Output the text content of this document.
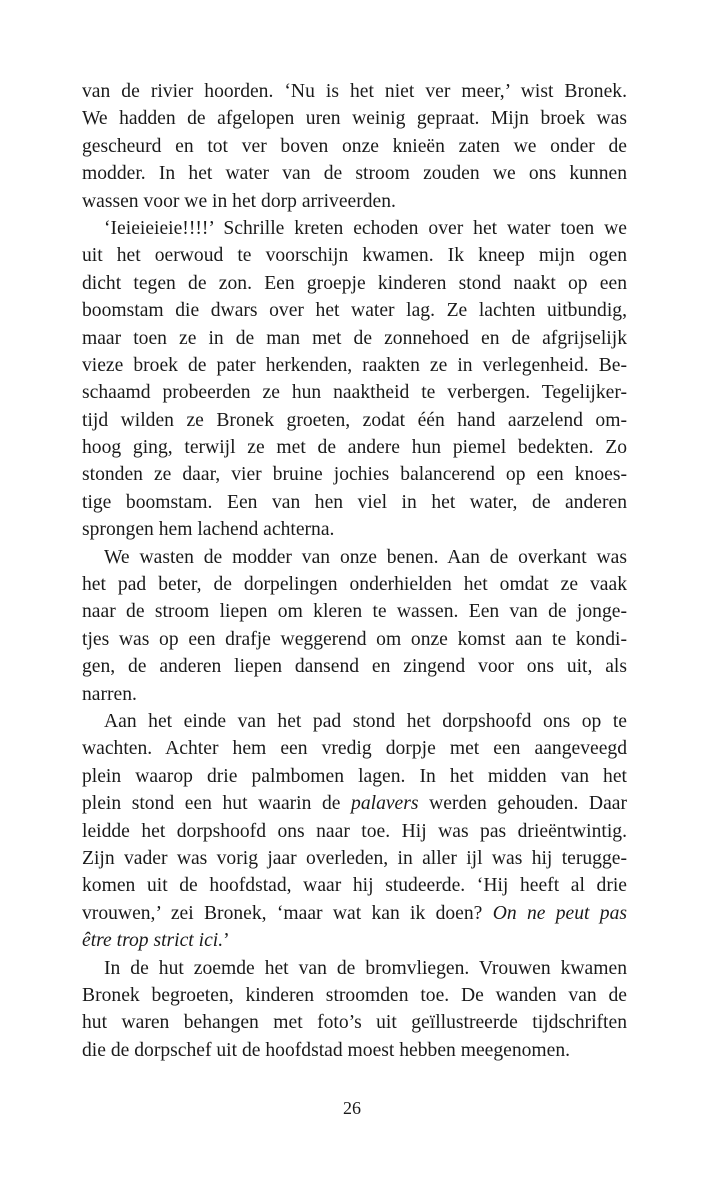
van de rivier hoorden. ‘Nu is het niet ver meer,’ wist Bronek.
We hadden de afgelopen uren weinig gepraat. Mijn broek was
gescheurd en tot ver boven onze knieën zaten we onder de
modder. In het water van de stroom zouden we ons kunnen
wassen voor we in het dorp arriveerden.
‘Ieieieieie!!!!’ Schrille kreten echoden over het water toen we
uit het oerwoud te voorschijn kwamen. Ik kneep mijn ogen
dicht tegen de zon. Een groepje kinderen stond naakt op een
boomstam die dwars over het water lag. Ze lachten uitbundig,
maar toen ze in de man met de zonnehoed en de afgrijselijk
vieze broek de pater herkenden, raakten ze in verlegenheid. Be-
schaamd probeerden ze hun naaktheid te verbergen. Tegelijker-
tijd wilden ze Bronek groeten, zodat één hand aarzelend om-
hoog ging, terwijl ze met de andere hun piemel bedekten. Zo
stonden ze daar, vier bruine jochies balancerend op een knoes-
tige boomstam. Een van hen viel in het water, de anderen
sprongen hem lachend achterna.
We wasten de modder van onze benen. Aan de overkant was
het pad beter, de dorpelingen onderhielden het omdat ze vaak
naar de stroom liepen om kleren te wassen. Een van de jonge-
tjes was op een drafje weggerend om onze komst aan te kondi-
gen, de anderen liepen dansend en zingend voor ons uit, als
narren.
Aan het einde van het pad stond het dorpshoofd ons op te
wachten. Achter hem een vredig dorpje met een aangeveegd
plein waarop drie palmbomen lagen. In het midden van het
plein stond een hut waarin de palavers werden gehouden. Daar
leidde het dorpshoofd ons naar toe. Hij was pas drieëntwintig.
Zijn vader was vorig jaar overleden, in aller ijl was hij terugge-
komen uit de hoofdstad, waar hij studeerde. ‘Hij heeft al drie
vrouwen,’ zei Bronek, ‘maar wat kan ik doen? On ne peut pas
être trop strict ici.’
In de hut zoemde het van de bromvliegen. Vrouwen kwamen
Bronek begroeten, kinderen stroomden toe. De wanden van de
hut waren behangen met foto’s uit geïllustreerde tijdschriften
die de dorpschef uit de hoofdstad moest hebben meegenomen.
26
